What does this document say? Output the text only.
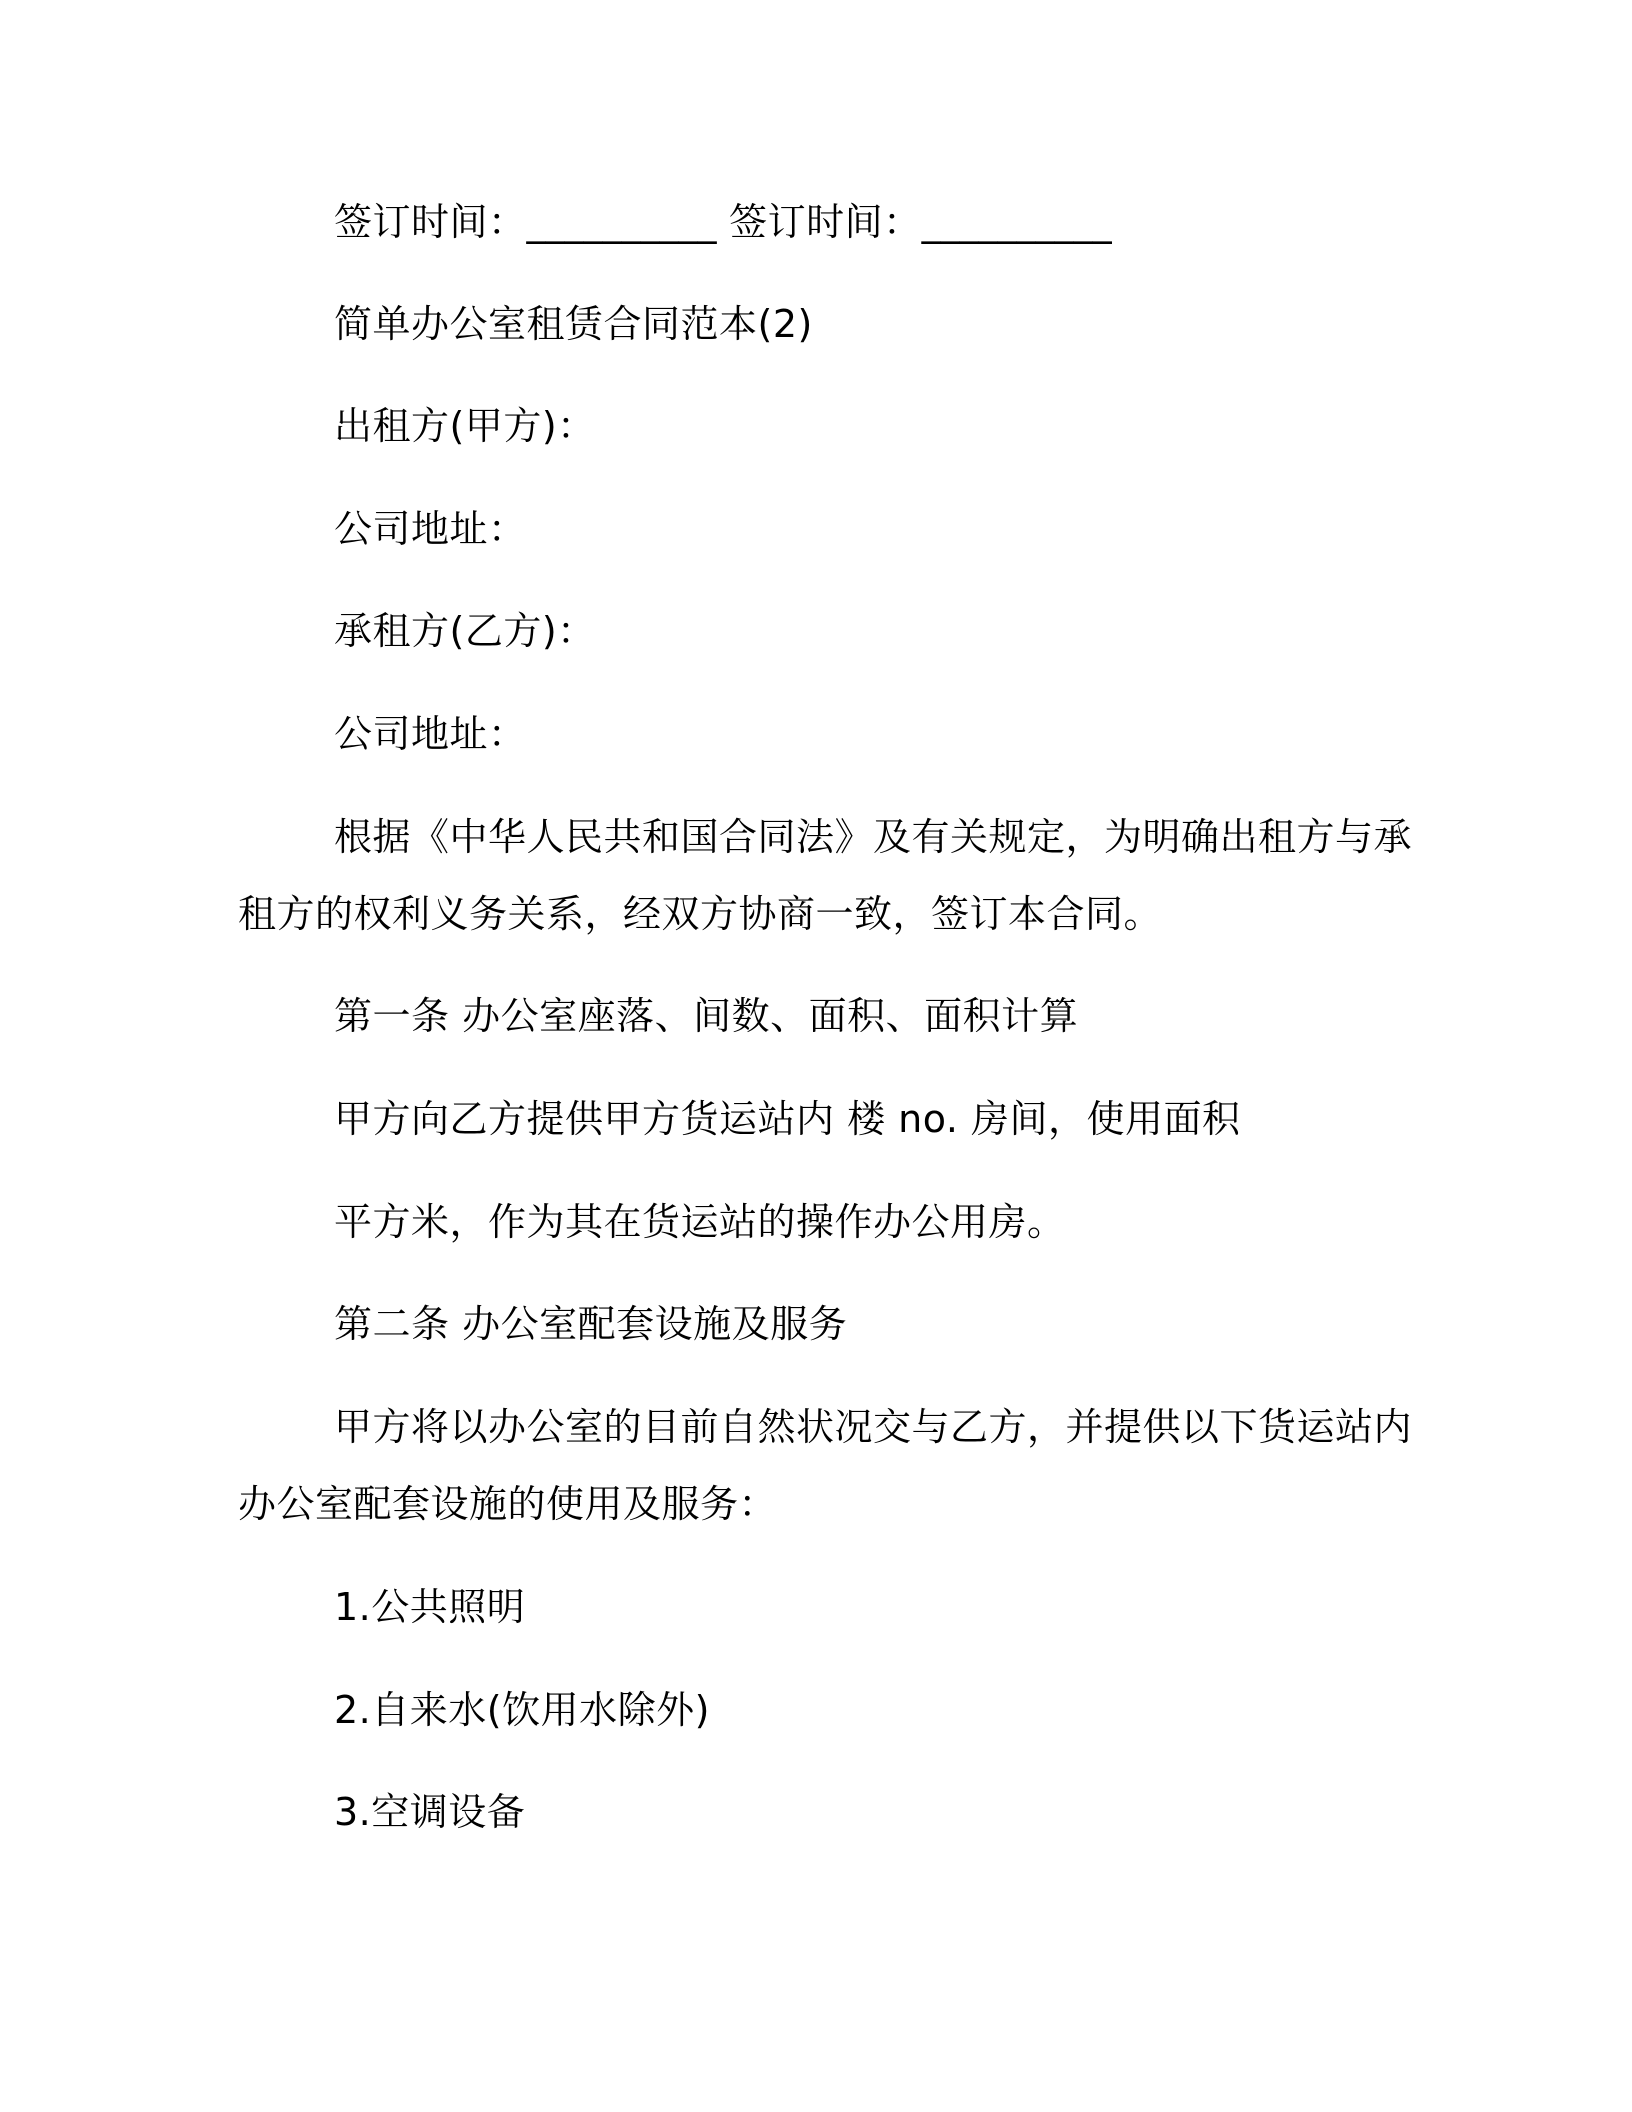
签订时间：__________ 签订时间：__________
简单办公室租赁合同范本(2)
出租方(甲方)：
公司地址：
承租方(乙方)：
公司地址：
根据《中华人民共和国合同法》及有关规定，为明确出租方与承
租方的权利义务关系，经双方协商一致，签订本合同。
第一条 办公室座落、间数、面积、面积计算
甲方向乙方提供甲方货运站内 楼 no. 房间，使用面积
平方米，作为其在货运站的操作办公用房。
第二条 办公室配套设施及服务
甲方将以办公室的目前自然状况交与乙方，并提供以下货运站内
办公室配套设施的使用及服务：
1.公共照明
2.自来水(饮用水除外)
3.空调设备
